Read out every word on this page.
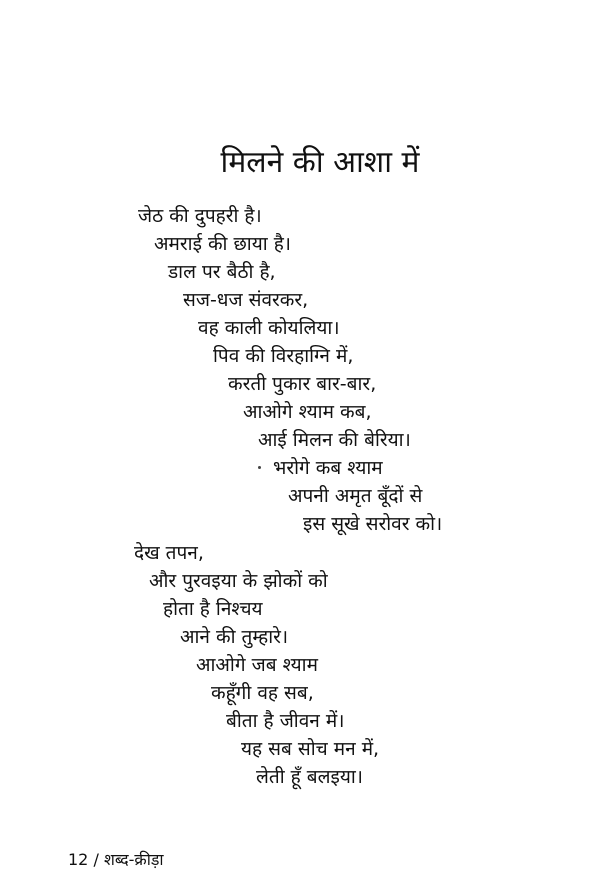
मिलने की आशा में
जेठ की दुपहरी है।
अमराई की छाया है।
डाल पर बैठी है,
सज-धज संवरकर,
वह काली कोयलिया।
पिव की विरहाग्नि में,
करती पुकार बार-बार,
आओगे श्याम कब,
आई मिलन की बेरिया।
भरोगे कब श्याम
अपनी अमृत बूँदों से
इस सूखे सरोवर को।
देख तपन,
और पुरवइया के झोकों को
होता है निश्चय
आने की तुम्हारे।
आओगे जब श्याम
कहूँगी वह सब,
बीता है जीवन में।
यह सब सोच मन में,
लेती हूँ बलइया।
12 / शब्द-क्रीड़ा
